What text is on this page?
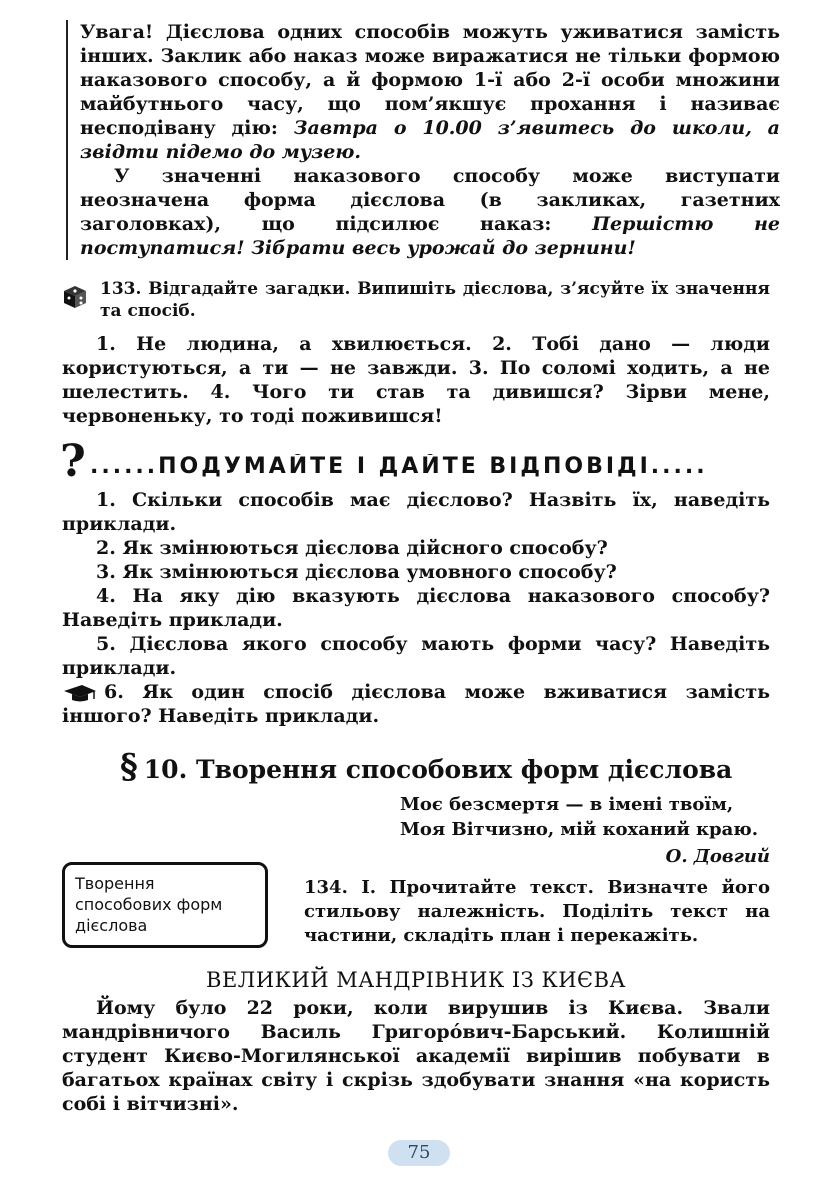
Увага! Дієслова одних способів можуть уживатися замість інших. Заклик або наказ може виражатися не тільки формою наказового способу, а й формою 1-ї або 2-ї особи множини майбутнього часу, що пом’якшує прохання і називає несподівану дію: Завтра о 10.00 з’явитесь до школи, а звідти підемо до музею.

У значенні наказового способу може виступати неозначена форма дієслова (в закликах, газетних заголовках), що підсилює наказ: Першістю не поступатися! Зібрати весь урожай до зернини!

133. Відгадайте загадки. Випишіть дієслова, з’ясуйте їх значення та спосіб.

1. Не людина, а хвилюється. 2. Тобі дано — люди користуються, а ти — не завжди. 3. По соломі ходить, а не шелестить. 4. Чого ти став та дивишся? Зірви мене, червоненьку, то тоді поживишся!

? ......ПОДУМАЙТЕ І ДАЙТЕ ВІДПОВІДІ.....

1. Скільки способів має дієслово? Назвіть їх, наведіть приклади.

2. Як змінюються дієслова дійсного способу?

3. Як змінюються дієслова умовного способу?

4. На яку дію вказують дієслова наказового способу? Наведіть приклади.

5. Дієслова якого способу мають форми часу? Наведіть приклади.

6. Як один спосіб дієслова може вживатися замість іншого? Наведіть приклади.

§ 10. Творення способових форм дієслова

Моє безсмертя — в імені твоїм,

Моя Вітчизно, мій коханий краю.

О. Довгий

Творення способових форм дієслова

134. І. Прочитайте текст. Визначте його стильову належність. Поділіть текст на частини, складіть план і перекажіть.

ВЕЛИКИЙ МАНДРІВНИК ІЗ КИЄВА

Йому було 22 роки, коли вирушив із Києва. Звали мандрівничого Василь Григоро́вич-Барський. Колишній студент Києво-Могилянської академії вирішив побувати в багатьох країнах світу і скрізь здобувати знання «на користь собі і вітчизні».

75
